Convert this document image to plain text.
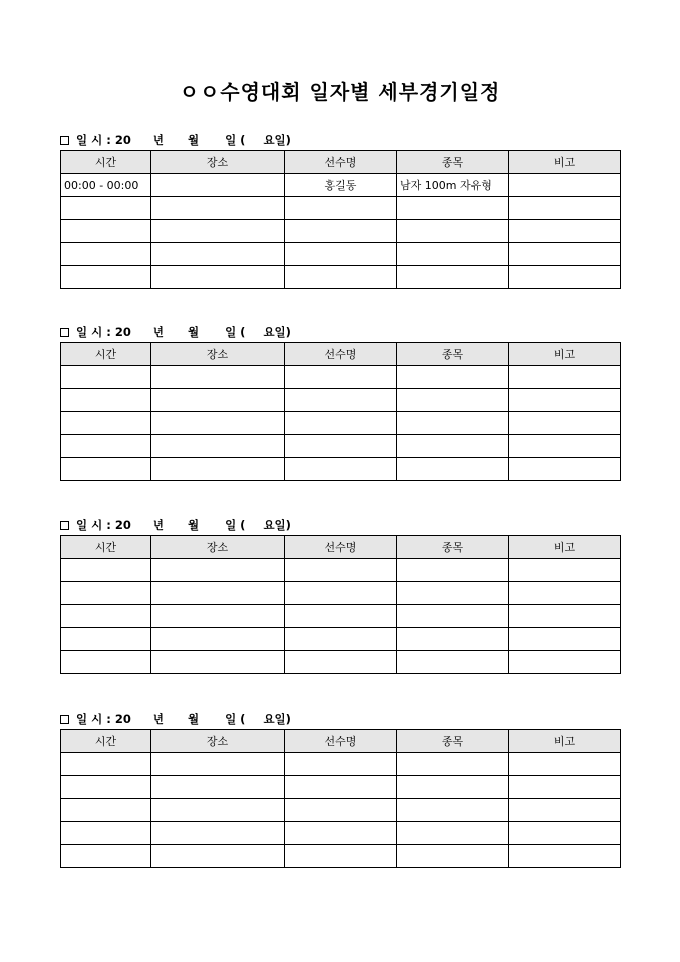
ㅇㅇ수영대회 일자별 세부경기일정
일 시 : 20 년 월 일 ( 요일)
시간	장소	선수명	종목	비고
00:00 - 00:00		홍길동	남자 100m 자유형	

일 시 : 20 년 월 일 ( 요일)
시간	장소	선수명	종목	비고

일 시 : 20 년 월 일 ( 요일)
시간	장소	선수명	종목	비고

일 시 : 20 년 월 일 ( 요일)
시간	장소	선수명	종목	비고
